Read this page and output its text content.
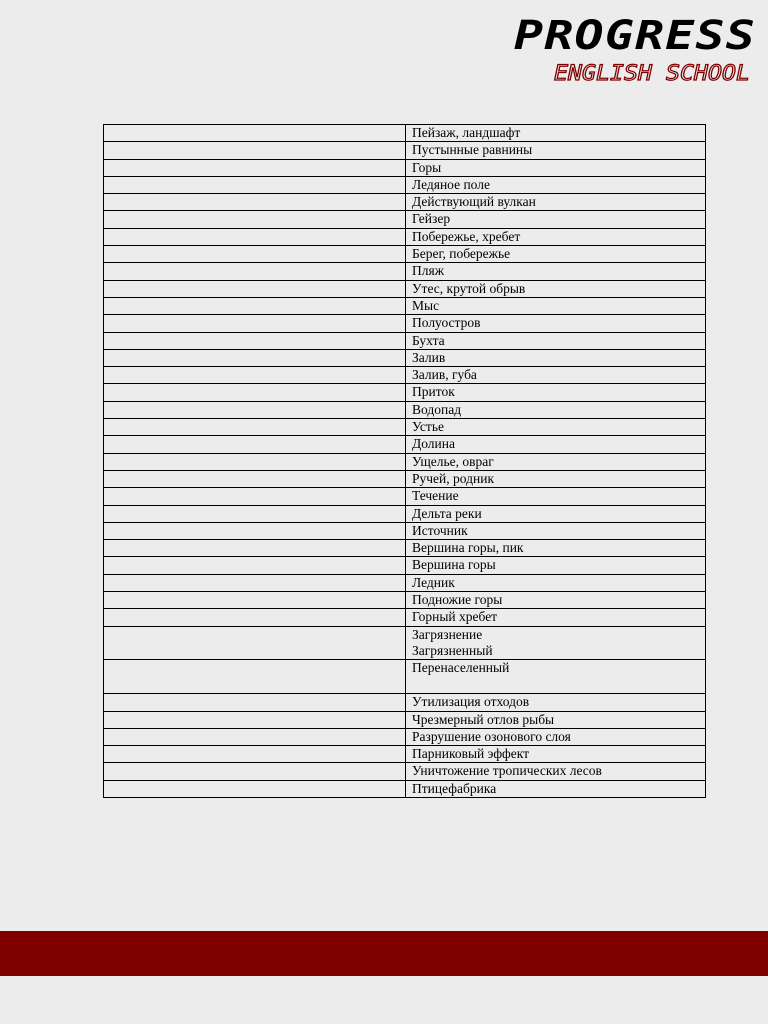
PROGRESS
ENGLISH SCHOOL
	Пейзаж, ландшафт
	Пустынные равнины
	Горы
	Ледяное поле
	Действующий вулкан
	Гейзер
	Побережье, хребет
	Берег, побережье
	Пляж
	Утес, крутой обрыв
	Мыс
	Полуостров
	Бухта
	Залив
	Залив, губа
	Приток
	Водопад
	Устье
	Долина
	Ущелье, овраг
	Ручей, родник
	Течение
	Дельта реки
	Источник
	Вершина горы, пик
	Вершина горы
	Ледник
	Подножие горы
	Горный хребет
	Загрязнение
Загрязненный
	Перенаселенный
	Утилизация отходов
	Чрезмерный отлов рыбы
	Разрушение озонового слоя
	Парниковый эффект
	Уничтожение тропических лесов
	Птицефабрика
